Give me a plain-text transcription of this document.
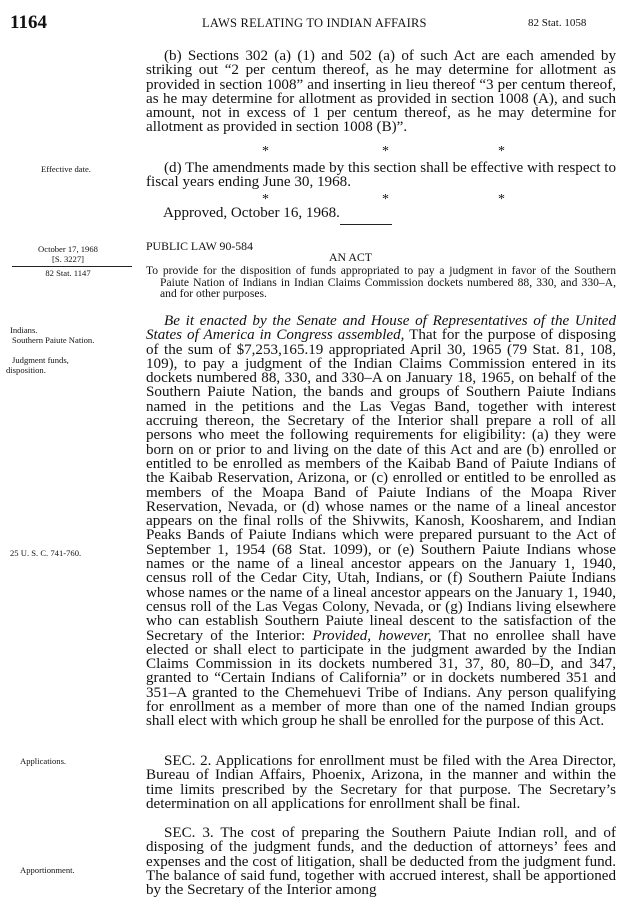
1164	LAWS RELATING TO INDIAN AFFAIRS	82 Stat. 1058

(b) Sections 302 (a) (1) and 502 (a) of such Act are each amended by striking out “2 per centum thereof, as he may determine for allotment as provided in section 1008” and inserting in lieu thereof “3 per centum thereof, as he may determine for allotment as provided in section 1008 (A), and such amount, not in excess of 1 per centum thereof, as he may determine for allotment as provided in section 1008 (B)”.

*	*	*
Effective date.	(d) The amendments made by this section shall be effective with respect to fiscal years ending June 30, 1968.

*	*	*
Approved, October 16, 1968.
October 17, 1968
[S. 3227]
82 Stat. 1147
PUBLIC LAW 90-584
AN ACT
To provide for the disposition of funds appropriated to pay a judgment in favor of the Southern Paiute Nation of Indians in Indian Claims Commission dockets numbered 88, 330, and 330–A, and for other purposes.
Indians.
Southern Paiute Nation.
Judgment funds, disposition.

Be it enacted by the Senate and House of Representatives of the United States of America in Congress assembled, That for the purpose of disposing of the sum of $7,253,165.19 appropriated April 30, 1965 (79 Stat. 81, 108, 109), to pay a judgment of the Indian Claims Commission entered in its dockets numbered 88, 330, and 330–A on January 18, 1965, on behalf of the Southern Paiute Nation, the bands and groups of Southern Paiute Indians named in the petitions and the Las Vegas Band, together with interest accruing thereon, the Secretary of the Interior shall prepare a roll of all persons who meet the following requirements for eligibility: (a) they were born on or prior to and living on the date of this Act and are (b) enrolled or entitled to be enrolled as members of the Kaibab Band of Paiute Indians of the Kaibab Reservation, Arizona, or (c) enrolled or entitled to be enrolled as members of the Moapa Band of Paiute Indians of the Moapa River Reservation, Nevada, or (d) whose names or the name of a lineal ancestor appears on the final rolls of the Shivwits, Kanosh, Koosharem, and Indian Peaks Bands of Paiute Indians which were prepared pursuant to the Act of September 1, 1954 (68 Stat. 1099), or (e) Southern Paiute Indians whose names or the name of a lineal ancestor appears on the January 1, 1940, census roll of the Cedar City, Utah, Indians, or (f) Southern Paiute Indians whose names or the name of a lineal ancestor appears on the January 1, 1940, census roll of the Las Vegas Colony, Nevada, or (g) Indians living elsewhere who can establish Southern Paiute lineal descent to the satisfaction of the Secretary of the Interior: Provided, however, That no enrollee shall have elected or shall elect to participate in the judgment awarded by the Indian Claims Commission in its dockets numbered 31, 37, 80, 80–D, and 347, granted to “Certain Indians of California” or in dockets numbered 351 and 351–A granted to the Chemehuevi Tribe of Indians. Any person qualifying for enrollment as a member of more than one of the named Indian groups shall elect with which group he shall be enrolled for the purpose of this Act.

25 U. S. C. 741-760.
Applications.	SEC. 2. Applications for enrollment must be filed with the Area Director, Bureau of Indian Affairs, Phoenix, Arizona, in the manner and within the time limits prescribed by the Secretary for that purpose. The Secretary’s determination on all applications for enrollment shall be final.

Apportionment.

SEC. 3. The cost of preparing the Southern Paiute Indian roll, and of disposing of the judgment funds, and the deduction of attorneys’ fees and expenses and the cost of litigation, shall be deducted from the judgment fund. The balance of said fund, together with accrued interest, shall be apportioned by the Secretary of the Interior among
